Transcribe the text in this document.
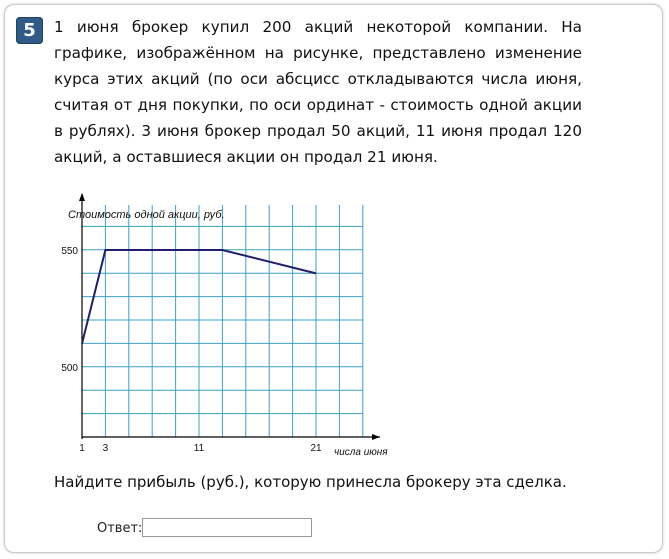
5	1 июня брокер купил 200 акций некоторой компании. На графике, изображённом на рисунке, представлено изменение курса этих акций (по оси абсцисс откладываются числа июня, считая от дня покупки, по оси ординат - стоимость одной акции в рублях). 3 июня брокер продал 50 акций, 11 июня продал 120 акций, а оставшиеся акции он продал 21 июня.

500
550
1 3	11	21
Стоимость одной акции, руб.
числа июня

Найдите прибыль (руб.), которую принесла брокеру эта сделка.

Ответ:
